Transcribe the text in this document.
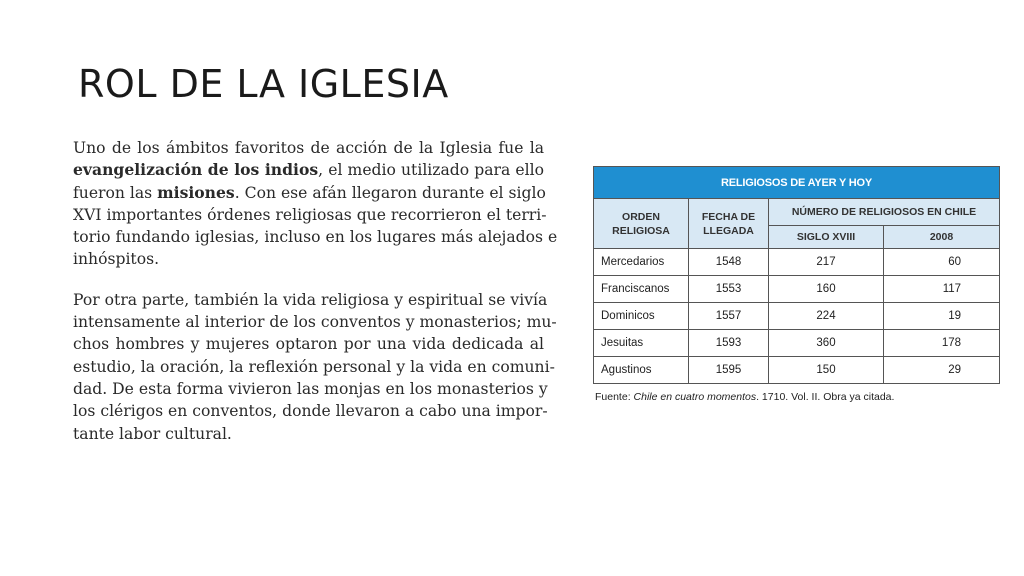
ROL DE LA IGLESIA

Uno de los ámbitos favoritos de acción de la Iglesia fue la
evangelización de los indios, el medio utilizado para ello
fueron las misiones. Con ese afán llegaron durante el siglo
XVI importantes órdenes religiosas que recorrieron el terri-
torio fundando iglesias, incluso en los lugares más alejados e
inhóspitos.

Por otra parte, también la vida religiosa y espiritual se vivía
intensamente al interior de los conventos y monasterios; mu-
chos hombres y mujeres optaron por una vida dedicada al
estudio, la oración, la reflexión personal y la vida en comuni-
dad. De esta forma vivieron las monjas en los monasterios y
los clérigos en conventos, donde llevaron a cabo una impor-
tante labor cultural.

RELIGIOSOS DE AYER Y HOY			
ORDEN RELIGIOSA	FECHA DE LLEGADA	NÚMERO DE RELIGIOSOS EN CHILE	
		SIGLO XVIII	2008
Mercedarios	1548	217	60
Franciscanos	1553	160	117
Dominicos	1557	224	19
Jesuitas	1593	360	178
Agustinos	1595	150	29
Fuente: Chile en cuatro momentos. 1710. Vol. II. Obra ya citada.
